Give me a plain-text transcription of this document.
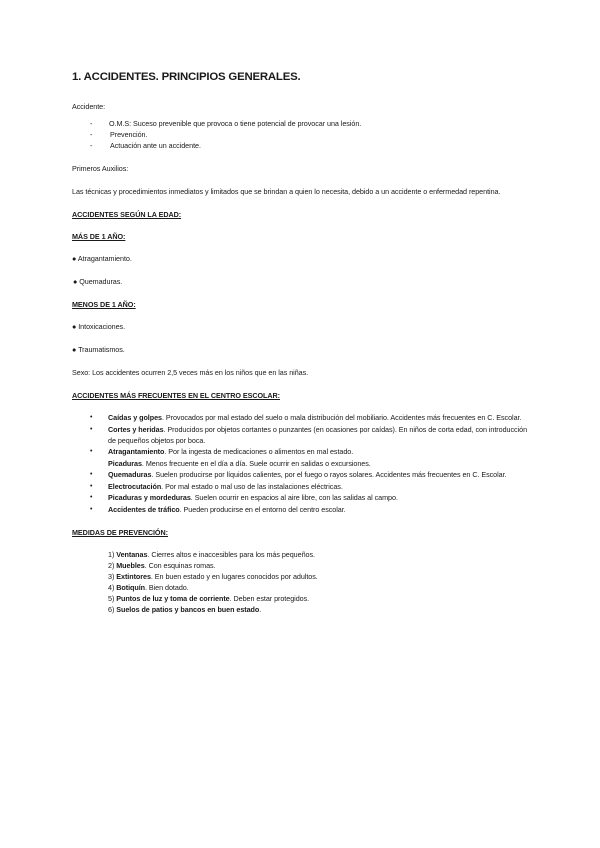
1. ACCIDENTES. PRINCIPIOS GENERALES.
Accidente:
- O.M.S: Suceso prevenible que provoca o tiene potencial de provocar una lesión.
- Prevención.
- Actuación ante un accidente.
Primeros Auxilios:
Las técnicas y procedimientos inmediatos y limitados que se brindan a quien lo necesita, debido a un accidente o enfermedad repentina.
ACCIDENTES SEGÚN LA EDAD:
MÁS DE 1 AÑO:
● Atragantamiento.
● Quemaduras.
MENOS DE 1 AÑO:
● Intoxicaciones.
● Traumatismos.
Sexo: Los accidentes ocurren 2,5 veces más en los niños que en las niñas.
ACCIDENTES MÁS FRECUENTES EN EL CENTRO ESCOLAR:
• Caídas y golpes. Provocados por mal estado del suelo o mala distribución del mobiliario. Accidentes más frecuentes en C. Escolar.
• Cortes y heridas. Producidos por objetos cortantes o punzantes (en ocasiones por caídas). En niños de corta edad, con introducción de pequeños objetos por boca.
• Atragantamiento. Por la ingesta de medicaciones o alimentos en mal estado.
Picaduras. Menos frecuente en el día a día. Suele ocurrir en salidas o excursiones.
• Quemaduras. Suelen producirse por líquidos calientes, por el fuego o rayos solares. Accidentes más frecuentes en C. Escolar.
• Electrocutación. Por mal estado o mal uso de las instalaciones eléctricas.
• Picaduras y mordeduras. Suelen ocurrir en espacios al aire libre, con las salidas al campo.
• Accidentes de tráfico. Pueden producirse en el entorno del centro escolar.
MEDIDAS DE PREVENCIÓN:
1) Ventanas. Cierres altos e inaccesibles para los más pequeños.
2) Muebles. Con esquinas romas.
3) Extintores. En buen estado y en lugares conocidos por adultos.
4) Botiquín. Bien dotado.
5) Puntos de luz y toma de corriente. Deben estar protegidos.
6) Suelos de patios y bancos en buen estado.
